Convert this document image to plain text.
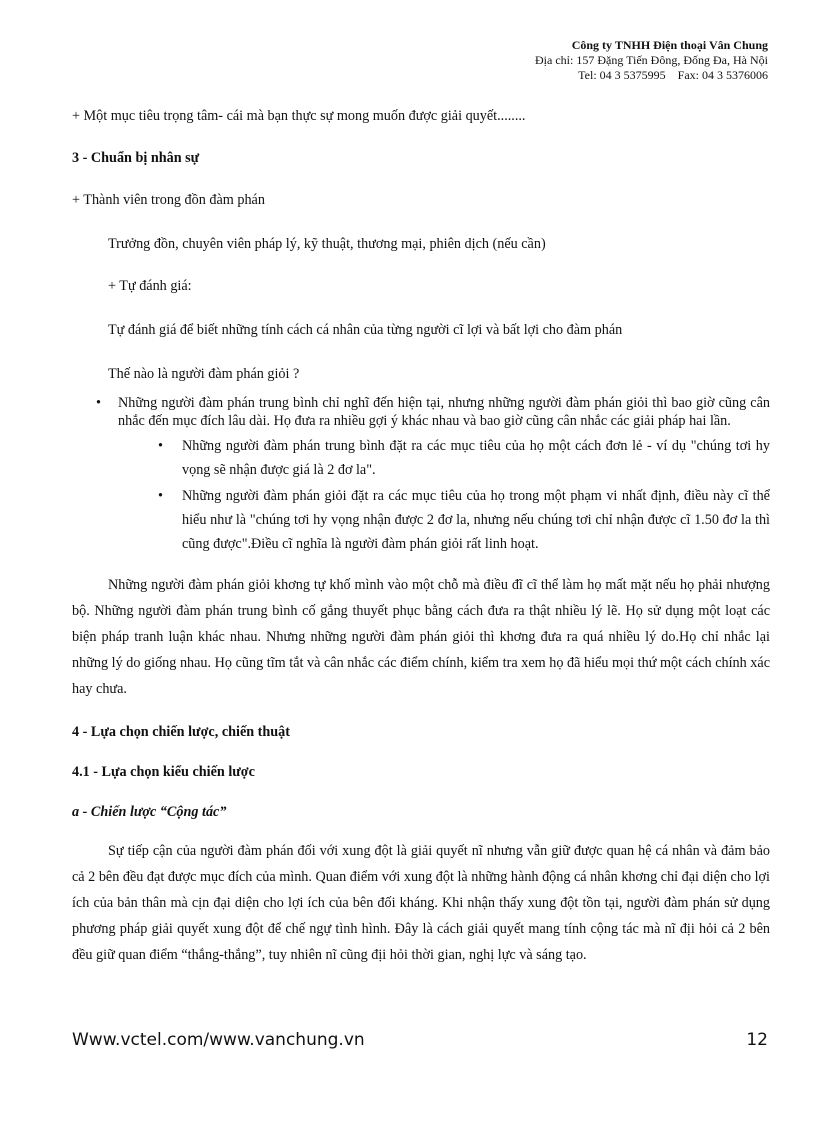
Công ty TNHH Điện thoại Vân Chung
Địa chỉ: 157 Đặng Tiến Đông, Đống Đa, Hà Nội
Tel: 04 3 5375995    Fax: 04 3 5376006

+ Một mục tiêu trọng tâm- cái mà bạn thực sự mong muốn được giải quyết........

3 - Chuẩn bị nhân sự

+ Thành viên trong đồn đàm phán

Trưởng đồn, chuyên viên pháp lý, kỹ thuật, thương mại, phiên dịch (nếu cần)

+ Tự đánh giá:

Tự đánh giá để biết những tính cách cá nhân của từng người cĩ lợi và bất lợi cho đàm phán

Thế nào là người đàm phán giỏi ?

• Những người đàm phán trung bình chỉ nghĩ đến hiện tại, nhưng những người đàm phán giỏi thì bao giờ cũng cân nhắc đến mục đích lâu dài. Họ đưa ra nhiều gợi ý khác nhau và bao giờ cũng cân nhắc các giải pháp hai lần.
• Những người đàm phán trung bình đặt ra các mục tiêu của họ một cách đơn lẻ - ví dụ "chúng tơi hy vọng sẽ nhận được giá là 2 đơ la".
• Những người đàm phán giỏi đặt ra các mục tiêu của họ trong một phạm vi nhất định, điều này cĩ thể hiểu như là "chúng tơi hy vọng nhận được 2 đơ la, nhưng nếu chúng tơi chỉ nhận được cĩ 1.50 đơ la thì cũng được".Điều cĩ nghĩa là người đàm phán giỏi rất linh hoạt.

Những người đàm phán giỏi khơng tự khố mình vào một chỗ mà điều đĩ cĩ thể làm họ mất mặt nếu họ phải nhượng bộ. Những người đàm phán trung bình cố gắng thuyết phục bằng cách đưa ra thật nhiều lý lẽ. Họ sử dụng một loạt các biện pháp tranh luận khác nhau. Nhưng những người đàm phán giỏi thì khơng đưa ra quá nhiều lý do.Họ chỉ nhắc lại những lý do giống nhau. Họ cũng tĩm tắt và cân nhắc các điểm chính, kiểm tra xem họ đã hiểu mọi thứ một cách chính xác hay chưa.

4 - Lựa chọn chiến lược, chiến thuật

4.1 - Lựa chọn kiểu chiến lược

a - Chiến lược “Cộng tác”

Sự tiếp cận của người đàm phán đối với xung đột là giải quyết nĩ nhưng vẫn giữ được quan hệ cá nhân và đảm bảo cả 2 bên đều đạt được mục đích của mình. Quan điểm với xung đột là những hành động cá nhân khơng chỉ đại diện cho lợi ích của bản thân mà cịn đại diện cho lợi ích của bên đối kháng. Khi nhận thấy xung đột tồn tại, người đàm phán sử dụng phương pháp giải quyết xung đột để chế ngự tình hình. Đây là cách giải quyết mang tính cộng tác mà nĩ địi hỏi cả 2 bên đều giữ quan điểm “thắng-thắng”, tuy nhiên nĩ cũng địi hỏi thời gian, nghị lực và sáng tạo.

Www.vctel.com/www.vanchung.vn	12
